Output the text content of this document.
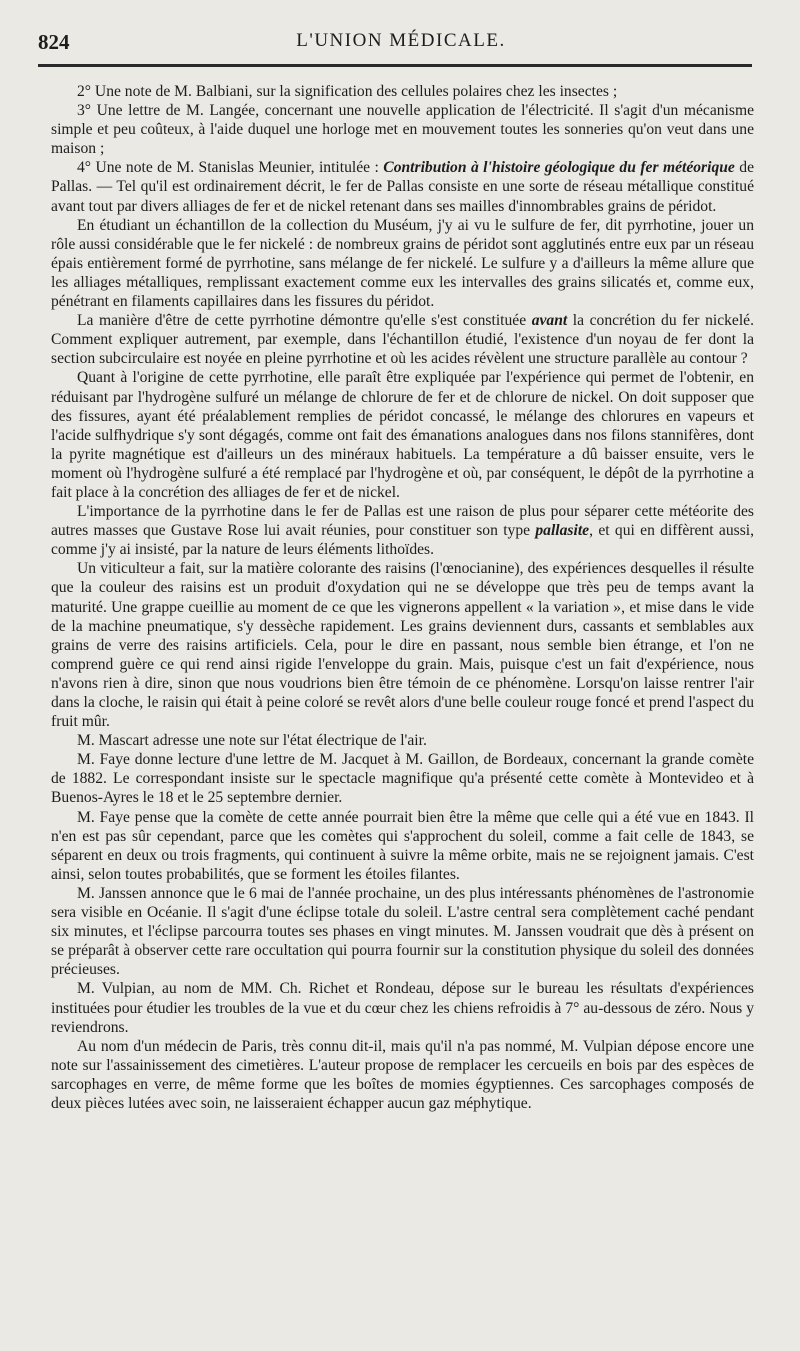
824	L'UNION MÉDICALE.

2° Une note de M. Balbiani, sur la signification des cellules polaires chez les insectes ;

3° Une lettre de M. Langée, concernant une nouvelle application de l'électricité. Il s'agit d'un mécanisme simple et peu coûteux, à l'aide duquel une horloge met en mouvement toutes les sonneries qu'on veut dans une maison ;

4° Une note de M. Stanislas Meunier, intitulée : Contribution à l'histoire géologique du fer météorique de Pallas. — Tel qu'il est ordinairement décrit, le fer de Pallas consiste en une sorte de réseau métallique constitué avant tout par divers alliages de fer et de nickel retenant dans ses mailles d'innombrables grains de péridot.

En étudiant un échantillon de la collection du Muséum, j'y ai vu le sulfure de fer, dit pyrrhotine, jouer un rôle aussi considérable que le fer nickelé : de nombreux grains de péridot sont agglutinés entre eux par un réseau épais entièrement formé de pyrrhotine, sans mélange de fer nickelé. Le sulfure y a d'ailleurs la même allure que les alliages métalliques, remplissant exactement comme eux les intervalles des grains silicatés et, comme eux, pénétrant en filaments capillaires dans les fissures du péridot.

La manière d'être de cette pyrrhotine démontre qu'elle s'est constituée avant la concrétion du fer nickelé. Comment expliquer autrement, par exemple, dans l'échantillon étudié, l'existence d'un noyau de fer dont la section subcirculaire est noyée en pleine pyrrhotine et où les acides révèlent une structure parallèle au contour ?

Quant à l'origine de cette pyrrhotine, elle paraît être expliquée par l'expérience qui permet de l'obtenir, en réduisant par l'hydrogène sulfuré un mélange de chlorure de fer et de chlorure de nickel. On doit supposer que des fissures, ayant été préalablement remplies de péridot concassé, le mélange des chlorures en vapeurs et l'acide sulfhydrique s'y sont dégagés, comme ont fait des émanations analogues dans nos filons stannifères, dont la pyrite magnétique est d'ailleurs un des minéraux habituels. La température a dû baisser ensuite, vers le moment où l'hydrogène sulfuré a été remplacé par l'hydrogène et où, par conséquent, le dépôt de la pyrrhotine a fait place à la concrétion des alliages de fer et de nickel.

L'importance de la pyrrhotine dans le fer de Pallas est une raison de plus pour séparer cette météorite des autres masses que Gustave Rose lui avait réunies, pour constituer son type pallasite, et qui en diffèrent aussi, comme j'y ai insisté, par la nature de leurs éléments lithoïdes.

Un viticulteur a fait, sur la matière colorante des raisins (l'œnocianine), des expériences desquelles il résulte que la couleur des raisins est un produit d'oxydation qui ne se développe que très peu de temps avant la maturité. Une grappe cueillie au moment de ce que les vignerons appellent « la variation », et mise dans le vide de la machine pneumatique, s'y dessèche rapidement. Les grains deviennent durs, cassants et semblables aux grains de verre des raisins artificiels. Cela, pour le dire en passant, nous semble bien étrange, et l'on ne comprend guère ce qui rend ainsi rigide l'enveloppe du grain. Mais, puisque c'est un fait d'expérience, nous n'avons rien à dire, sinon que nous voudrions bien être témoin de ce phénomène. Lorsqu'on laisse rentrer l'air dans la cloche, le raisin qui était à peine coloré se revêt alors d'une belle couleur rouge foncé et prend l'aspect du fruit mûr.

M. Mascart adresse une note sur l'état électrique de l'air.

M. Faye donne lecture d'une lettre de M. Jacquet à M. Gaillon, de Bordeaux, concernant la grande comète de 1882. Le correspondant insiste sur le spectacle magnifique qu'a présenté cette comète à Montevideo et à Buenos-Ayres le 18 et le 25 septembre dernier.

M. Faye pense que la comète de cette année pourrait bien être la même que celle qui a été vue en 1843. Il n'en est pas sûr cependant, parce que les comètes qui s'approchent du soleil, comme a fait celle de 1843, se séparent en deux ou trois fragments, qui continuent à suivre la même orbite, mais ne se rejoignent jamais. C'est ainsi, selon toutes probabilités, que se forment les étoiles filantes.

M. Janssen annonce que le 6 mai de l'année prochaine, un des plus intéressants phénomènes de l'astronomie sera visible en Océanie. Il s'agit d'une éclipse totale du soleil. L'astre central sera complètement caché pendant six minutes, et l'éclipse parcourra toutes ses phases en vingt minutes. M. Janssen voudrait que dès à présent on se préparât à observer cette rare occultation qui pourra fournir sur la constitution physique du soleil des données précieuses.

M. Vulpian, au nom de MM. Ch. Richet et Rondeau, dépose sur le bureau les résultats d'expériences instituées pour étudier les troubles de la vue et du cœur chez les chiens refroidis à 7° au-dessous de zéro. Nous y reviendrons.

Au nom d'un médecin de Paris, très connu dit-il, mais qu'il n'a pas nommé, M. Vulpian dépose encore une note sur l'assainissement des cimetières. L'auteur propose de remplacer les cercueils en bois par des espèces de sarcophages en verre, de même forme que les boîtes de momies égyptiennes. Ces sarcophages composés de deux pièces lutées avec soin, ne laisseraient échapper aucun gaz méphytique.
